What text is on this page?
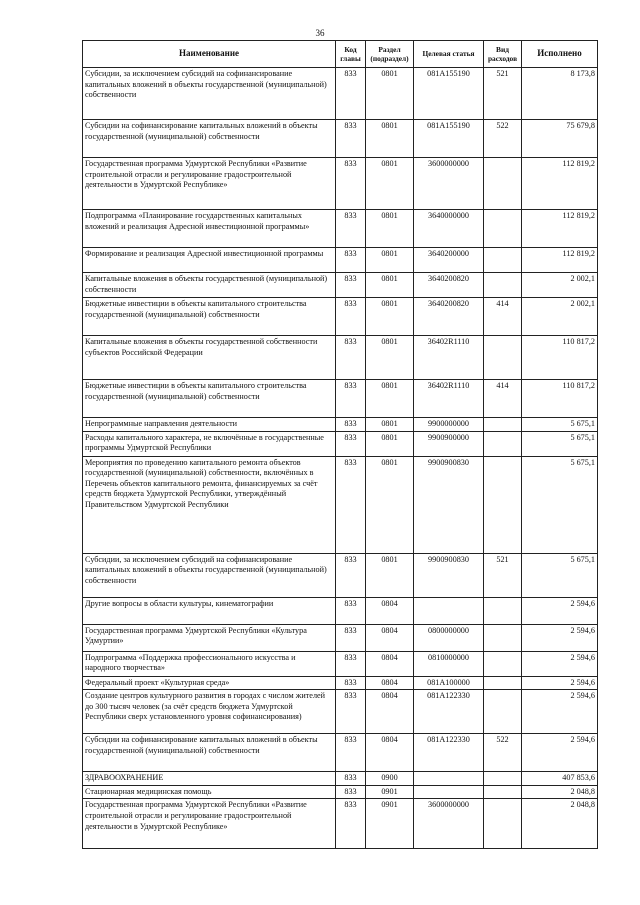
36
Наименование	Код главы	Раздел (подраздел)	Целевая статья	Вид расходов	Исполнено
Субсидии, за исключением субсидий на софинансирование капитальных вложений в объекты государственной (муниципальной) собственности	833	0801	081A155190	521	8 173,8
Субсидии на софинансирование капитальных вложений в объекты государственной (муниципальной) собственности	833	0801	081A155190	522	75 679,8
Государственная программа Удмуртской Республики «Развитие строительной отрасли и регулирование градостроительной деятельности в Удмуртской Республике»	833	0801	3600000000		112 819,2
Подпрограмма «Планирование государственных капитальных вложений и реализация Адресной инвестиционной программы»	833	0801	3640000000		112 819,2
Формирование и реализация Адресной инвестиционной программы	833	0801	3640200000		112 819,2
Капитальные вложения в объекты государственной (муниципальной) собственности	833	0801	3640200820		2 002,1
Бюджетные инвестиции в объекты капитального строительства государственной (муниципальной) собственности	833	0801	3640200820	414	2 002,1
Капитальные вложения в объекты государственной собственности субъектов Российской Федерации	833	0801	36402R1110		110 817,2
Бюджетные инвестиции в объекты капитального строительства государственной (муниципальной) собственности	833	0801	36402R1110	414	110 817,2
Непрограммные направления деятельности	833	0801	9900000000		5 675,1
Расходы капитального характера, не включённые в государственные программы Удмуртской Республики	833	0801	9900900000		5 675,1
Мероприятия по проведению капитального ремонта объектов государственной (муниципальной) собственности, включённых в Перечень объектов капитального ремонта, финансируемых за счёт средств бюджета Удмуртской Республики, утверждённый Правительством Удмуртской Республики	833	0801	9900900830		5 675,1
Субсидии, за исключением субсидий на софинансирование капитальных вложений в объекты государственной (муниципальной) собственности	833	0801	9900900830	521	5 675,1
Другие вопросы в области культуры, кинематографии	833	0804			2 594,6
Государственная программа Удмуртской Республики «Культура Удмуртии»	833	0804	0800000000		2 594,6
Подпрограмма «Поддержка профессионального искусства и народного творчества»	833	0804	0810000000		2 594,6
Федеральный проект «Культурная среда»	833	0804	081A100000		2 594,6
Создание центров культурного развития в городах с числом жителей до 300 тысяч человек (за счёт средств бюджета Удмуртской Республики сверх установленного уровня софинансирования)	833	0804	081A122330		2 594,6
Субсидии на софинансирование капитальных вложений в объекты государственной (муниципальной) собственности	833	0804	081A122330	522	2 594,6
ЗДРАВООХРАНЕНИЕ	833	0900			407 853,6
Стационарная медицинская помощь	833	0901			2 048,8
Государственная программа Удмуртской Республики «Развитие строительной отрасли и регулирование градостроительной деятельности в Удмуртской Республике»	833	0901	3600000000		2 048,8
